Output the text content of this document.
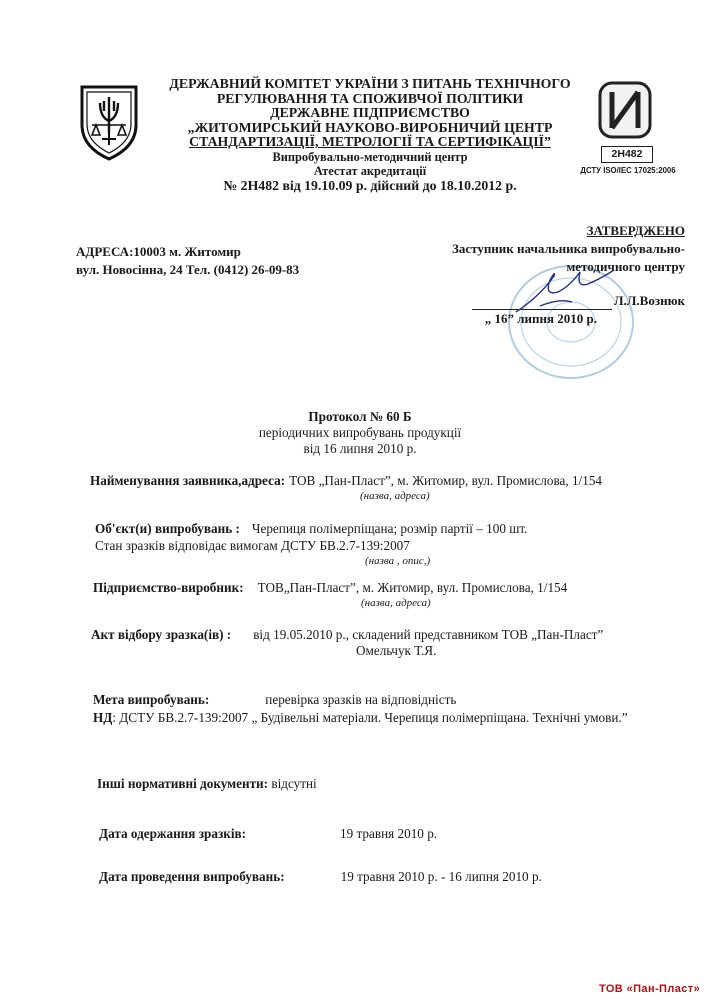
ДЕРЖАВНИЙ КОМІТЕТ УКРАЇНИ З ПИТАНЬ ТЕХНІЧНОГО
РЕГУЛЮВАННЯ ТА СПОЖИВЧОЇ ПОЛІТИКИ
ДЕРЖАВНЕ ПІДПРИЄМСТВО
„ЖИТОМИРСЬКИЙ НАУКОВО-ВИРОБНИЧИЙ ЦЕНТР
СТАНДАРТИЗАЦІЇ, МЕТРОЛОГІЇ ТА СЕРТИФІКАЦІЇ”
Випробувально-методичний центр
Атестат акредитації
№ 2Н482 від 19.10.09 р. дійсний до 18.10.2012 р.
2Н482
ДСТУ ISO/IEC 17025:2006
АДРЕСА:10003 м. Житомир
вул. Новосінна, 24 Тел. (0412) 26-09-83
ЗАТВЕРДЖЕНО
Заступник начальника випробувально-
методичного центру
Л.Л.Вознюк
„ 16” липня 2010 р.
Протокол № 60 Б
періодичних випробувань продукції
від 16 липня 2010 р.
Найменування заявника,адреса: ТОВ „Пан-Пласт”, м. Житомир, вул. Промислова, 1/154
(назва, адреса)
Об'єкт(и) випробувань : Черепиця полімерпіщана; розмір партії – 100 шт.
Стан зразків відповідає вимогам ДСТУ БВ.2.7-139:2007
(назва , опис,)
Підприємство-виробник: ТОВ„Пан-Пласт”, м. Житомир, вул. Промислова, 1/154
(назва, адреса)
Акт відбору зразка(ів) : від 19.05.2010 р., складений представником ТОВ „Пан-Пласт”
Омельчук Т.Я.
Мета випробувань:	перевірка зразків на відповідність
НД: ДСТУ БВ.2.7-139:2007 „ Будівельні матеріали. Черепиця полімерпіщана. Технічні умови.”
Інші нормативні документи: відсутні
Дата одержання зразків:	19 травня 2010 р.
Дата проведення випробувань:	19 травня 2010 р. - 16 липня 2010 р.
ТОВ «Пан-Пласт»
